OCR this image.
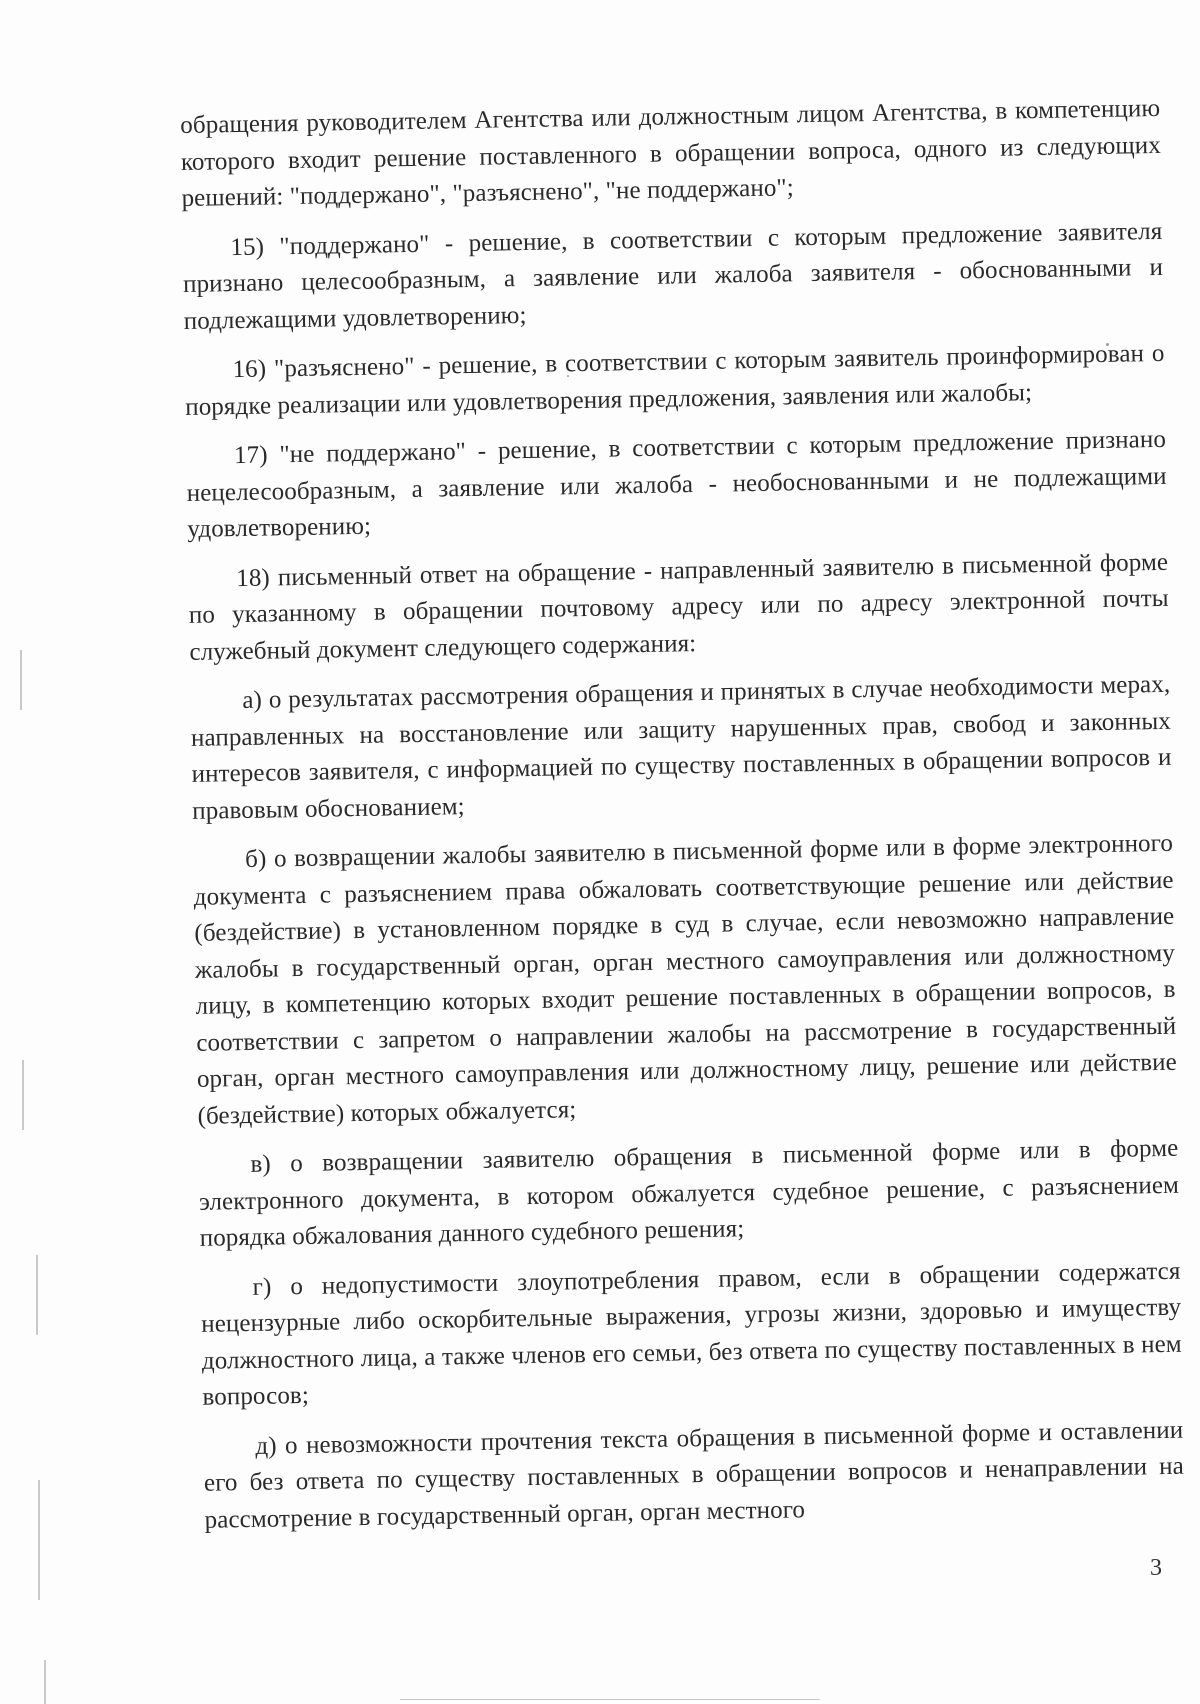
обращения руководителем Агентства или должностным лицом Агентства, в компетенцию которого входит решение поставленного в обращении вопроса, одного из следующих решений: "поддержано", "разъяснено", "не поддержано";

15) "поддержано" - решение, в соответствии с которым предложение заявителя признано целесообразным, а заявление или жалоба заявителя - обоснованными и подлежащими удовлетворению;

16) "разъяснено" - решение, в соответствии с которым заявитель проинформирован о порядке реализации или удовлетворения предложения, заявления или жалобы;

17) "не поддержано" - решение, в соответствии с которым предложение признано нецелесообразным, а заявление или жалоба - необоснованными и не подлежащими удовлетворению;

18) письменный ответ на обращение - направленный заявителю в письменной форме по указанному в обращении почтовому адресу или по адресу электронной почты служебный документ следующего содержания:

а) о результатах рассмотрения обращения и принятых в случае необходимости мерах, направленных на восстановление или защиту нарушенных прав, свобод и законных интересов заявителя, с информацией по существу поставленных в обращении вопросов и правовым обоснованием;

б) о возвращении жалобы заявителю в письменной форме или в форме электронного документа с разъяснением права обжаловать соответствующие решение или действие (бездействие) в установленном порядке в суд в случае, если невозможно направление жалобы в государственный орган, орган местного самоуправления или должностному лицу, в компетенцию которых входит решение поставленных в обращении вопросов, в соответствии с запретом о направлении жалобы на рассмотрение в государственный орган, орган местного самоуправления или должностному лицу, решение или действие (бездействие) которых обжалуется;

в) о возвращении заявителю обращения в письменной форме или в форме электронного документа, в котором обжалуется судебное решение, с разъяснением порядка обжалования данного судебного решения;

г) о недопустимости злоупотребления правом, если в обращении содержатся нецензурные либо оскорбительные выражения, угрозы жизни, здоровью и имуществу должностного лица, а также членов его семьи, без ответа по существу поставленных в нем вопросов;

д) о невозможности прочтения текста обращения в письменной форме и оставлении его без ответа по существу поставленных в обращении вопросов и ненаправлении на рассмотрение в государственный орган, орган местного

3
